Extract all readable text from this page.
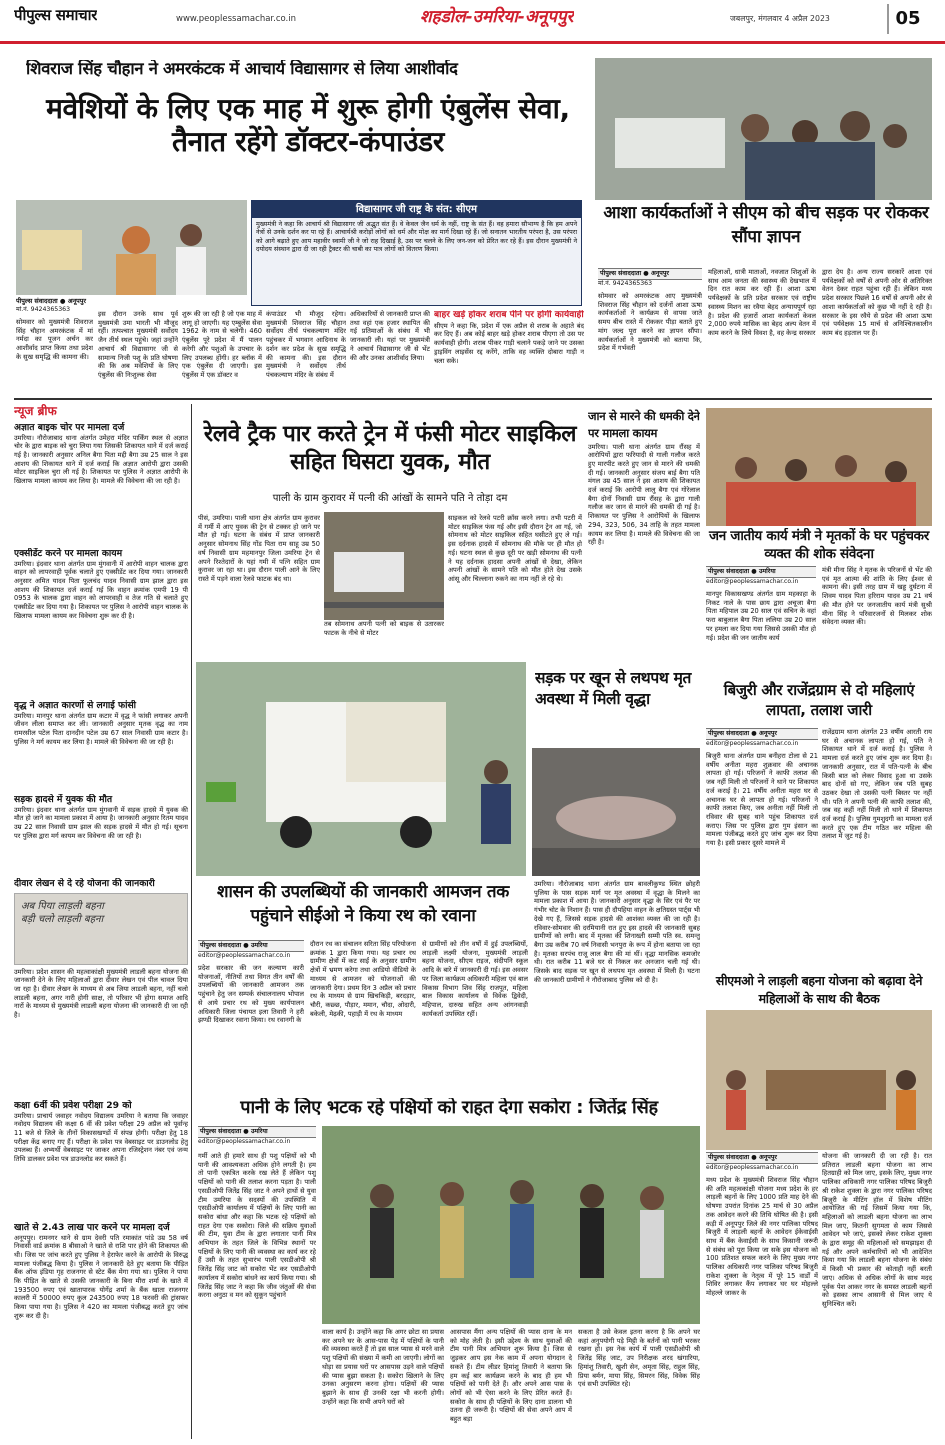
पीपुल्स समाचार	www.peoplessamachar.co.in	शहडोल-उमरिया-अनूपपुर	जबलपुर, मंगलवार 4 अप्रैल 2023	05
शिवराज सिंह चौहान ने अमरकंटक में आचार्य विद्यासागर से लिया आशीर्वाद
मवेशियों के लिए एक माह में शुरू होगी एंबुलेंस सेवा, तैनात रहेंगे डॉक्टर-कंपाउंडर
पीपुल्स संवाददाता ● अनूपपुर
मो.नं. 9424365363
विद्यासागर जी राष्ट्र के संत: सीएम
मुख्यमंत्री ने कहा कि आचार्य श्री विद्यासागर जी अद्भुत संत हैं। वे केवल जैन धर्म के नहीं, राष्ट्र के संत हैं। वह हमारा सौभाग्य है कि हम अपने नेत्रों से उनके दर्शन कर पा रहे हैं। आचार्यश्री करोड़ों लोगों को धर्म और मोक्ष का मार्ग दिखा रहे हैं। जो सनातन भारतीय परंपरा है, उस परंपरा को आगे बढ़ाते हुए आप महावीर स्वामी जी ने जो राह दिखाई है, उस पर चलने के लिए जन-जन को प्रेरित कर रहे हैं। इस दौरान मुख्यमंत्री ने दयोदय संस्थान द्वारा दी जा रही ट्रैक्टर की चाबी का पात्र लोगों को वितरण किया।
सोमवार को मुख्यमंत्री शिवराज सिंह चौहान अमरकंटक में मां नर्मदा का पूजन अर्चन कर आशीर्वाद प्राप्त किया तथा प्रदेश के सुख समृद्धि की कामना की।
इस दौरान उनके साथ पूर्व मुख्यमंत्री उमा भारती भी मौजूद रहीं। तत्पश्चात मुख्यमंत्री सर्वोदय जैन तीर्थ स्थल पहुंचे। जहां उन्होंने आचार्य श्री विद्यासागर जी से सामान्य निजी पशु के प्रति घोषणा की कि अब मवेशियों के लिए एंबुलेंस की निःशुल्क सेवा
शुरू की जा रही है जो एक माह में लागू हो जाएगी। यह एम्बुलेंस सेवा 1962 के नाम से चलेगी। 460 एंबुलेंस पूरे प्रदेश में मैं पालन करेगी और पशुओं के उपचार के लिए उपलब्ध होंगी। हर ब्लॉक में एक एंबुलेंस दी जाएगी। इस एंबुलेंस में एक डॉक्टर व
कंपाउंडर भी मौजूद रहेगा। मुख्यमंत्री शिवराज सिंह चौहान सर्वोदय तीर्थ पंचकल्याण मंदिर पहुंचकर में भगवान आदिनाथ के दर्शन कर प्रदेश के सुख समृद्धि की कामना की। इस दौरान मुख्यमंत्री ने सर्वोदय तीर्थ पंचकल्याण मंदिर के संबंध में
अधिकारियों से जानकारी प्राप्त की तथा वहां एक हजार स्थापित की गई प्रतिमाओं के संबंध में भी जानकारी ली। यहां पर मुख्यमंत्री ने आचार्य विद्यासागर जी से भेंट की और उनका आशीर्वाद लिया।
बाहर खड़े होकर शराब पीने पर होगी कार्यवाही
सीएम ने कहा कि, प्रदेश में एक अप्रैल से शराब के अहाते बंद कर दिए हैं। अब कोई बाहर खड़े होकर शराब पीएगा तो उस पर कार्यवाही होगी। शराब पीकर गाड़ी चलाने पकड़े जाने पर उसका ड्राइविंग लाइसेंस रद्द करेंगे, ताकि वह व्यक्ति दोबारा गाड़ी न चला सके।
आशा कार्यकर्ताओं ने सीएम को बीच सड़क पर रोककर सौंपा ज्ञापन
पीपुल्स संवाददाता ● अनूपपुर
मो.नं. 9424365363
सोमवार को अमरकंटक आए मुख्यमंत्री शिवराज सिंह चौहान को दर्जनों आशा ऊषा कार्यकर्ताओं ने कार्यक्रम से वापस जाते समय बीच रास्ते में रोककर पीड़ा बताते हुए मांग जल्द पूरा करने का ज्ञापन सौंपा। कार्यकर्ताओं ने मुख्यमंत्री को बताया कि, प्रदेश में गर्भवती
महिलाओं, धात्री माताओं, नवजात शिशुओं के साथ आम जनता की स्वास्थ्य की देखभाल में दिन रात काम कर रही हैं। आशा ऊषा पर्यवेक्षकों के प्रति प्रदेश सरकार एवं राष्ट्रीय स्वास्थ्य मिशन का रवैया बेहद अन्यायपूर्ण रहा है। प्रदेश की हजारों आशा कार्यकर्ता केवल 2,000 रुपये मासिक का बेहद अल्प वेतन में काम करने के लिये विवश है, वह केन्द्र सरकार
द्वारा देय है। अन्य राज्य सरकारें आशा एवं पर्यवेक्षकों को वर्षों से अपनी ओर से अतिरिक्त वेतन देकर राहत पहुंचा रही हैं। लेकिन मध्य प्रदेश सरकार पिछले 16 वर्षों से अपनी ओर से आशा कार्यकर्ताओं को कुछ भी नहीं दे रही है। सरकार के इस रवैये से प्रदेश की आशा ऊषा एवं पर्यवेक्षक 15 मार्च से अनिश्चितकालीन काम बंद हड़ताल पर हैं।
न्यूज ब्रीफ
अज्ञात बाइक चोर पर मामला दर्ज
उमरिया। नौरोजाबाद थाना अंतर्गत उमेहरा मंदिर पार्किंग स्थल से अज्ञात चोर के द्वारा बाइक को चुरा लिया गया जिसकी शिकायत थाने में दर्ज कराई गई है। जानकारी अनुसार अनिल बैगा पिता मद्दी बैगा उम्र 25 साल ने इस आशय की शिकायत थाने में दर्ज कराई कि अज्ञात आरोपी द्वारा उसकी मोटर साइकिल चुरा ली गई है। शिकायत पर पुलिस ने अज्ञात आरोपी के खिलाफ मामला कायम कर लिया है। मामले की विवेचना की जा रही है।
एक्सीडेंट करने पर मामला कायम
उमरिया। इंदवार थाना अंतर्गत ग्राम मुंगवानी में आरोपी वाहन चालक द्वारा वाहन को लापरवाही पूर्वक चलाते हुए एक्सीडेंट कर दिया गया। जानकारी अनुसार अमित यादव पिता फूलचंद यादव निवासी ग्राम झाल द्वारा इस आशय की शिकायत दर्ज कराई गई कि वाहन क्रमांक एमपी 19 पी 0953 के चालक द्वारा वाहन को लापरवाही व तेज गति से चलाते हुए एक्सीडेंट कर दिया गया है। शिकायत पर पुलिस ने आरोपी वाहन चालक के खिलाफ मामला कायम कर विवेचना शुरू कर दी है।
वृद्ध ने अज्ञात कारणों से लगाई फांसी
उमरिया। मानपुर थाना अंतर्गत ग्राम कटार में वृद्ध ने फांसी लगाकर अपनी जीवन लीला समाप्त कर ली। जानकारी अनुसार मृतक वृद्ध का नाम रामरसील पटेल पिता दानदीन पटेल उम्र 67 साल निवासी ग्राम कटार है। पुलिस ने मर्ग कायम कर लिया है। मामले की विवेचना की जा रही है।
सड़क हादसे में युवक की मौत
उमरिया। इंदवार थाना अंतर्गत ग्राम मुंगवानी में सड़क हादसे में युवक की मौत हो जाने का मामला प्रकाश में आया है। जानकारी अनुसार रितम यादव उम्र 22 साल निवासी ग्राम झाल की सड़क हादसे में मौत हो गई। सूचना पर पुलिस द्वारा मर्ग कायम कर विवेचना की जा रही है।
दीवार लेखन से दे रहे योजना की जानकारी
अब पिया लाड़ली बहना
बड़ी चलो लाड़ली बहना
उमरिया। प्रदेश शासन की महत्वाकांक्षी मुख्यमंत्री लाडली बहना योजना की जानकारी देने के लिए महिलाओं द्वारा दीवार लेखन एवं पील चावल दिया जा रहा है। दीवार लेखन के माध्यम से अब जिया लाडली बहना, नहीं चलो लाडली बहना, अगर नारी होगी साक्ष, तो परिवार भी होगा समाज आदि नारों के माध्यम से मुख्यमंत्री लाडली बहना योजना की जानकारी दी जा रही है।
कक्षा 6वीं की प्रवेश परीक्षा 29 को
उमरिया। प्राचार्य जवाहर नवोदय विद्यालय उमरिया ने बताया कि जवाहर नवोदय विद्यालय की कक्षा 6 वीं की प्रवेश परीक्षा 29 अप्रैल को पूर्वान्ह 11 बजे से जिले के तीनों विकासखण्डों में संपन्न होगी। परीक्षा हेतु 18 परीक्षा केंद्र बनाए गए हैं। परीक्षा के प्रवेश पत्र वेबसाइट पर डाउनलोड हेतु उपलब्ध हैं। अभ्यर्थी वेबसाइट पर जाकर अपना रजिस्ट्रेशन नंबर एवं जन्म तिथि डालकर प्रवेश पत्र डाउनलोड कर सकते हैं।
खाते से 2.43 लाख पार करने पर मामला दर्ज
अनूपपुर। रामनगर थाने से ग्राम देवरी पति रमाकांत पांडे उम्र 58 वर्ष निवासी वार्ड क्रमांक 8 बीसाओ ने खाते से राशि पार होने की शिकायत की थी। जिस पर जांच करते हुए पुलिस ने हेराफेर करने के आरोपी के विरुद्ध मामला पंजीबद्ध किया है। पुलिस ने जानकारी देते हुए बताया कि पीड़ित बैंक ऑफ इंडिया गृह राजनगर से स्टेट बैंक मेगा गया था। पुलिस ने पाया कि पीड़ित के खाते से उसकी जानकारी के बिना मीरा शर्मा के खाते में 193500 रुपए एवं खातापारक योगेंद्र शर्मा के बैंक खाता राजनगर कालरी में 50000 रुपए कुल 243500 रुपए 18 फरवरी की ट्रांसफर किया पाया गया है। पुलिस ने 420 का मामला पंजीबद्ध करते हुए जांच शुरू कर दी है।
रेलवे ट्रैक पार करते ट्रेन में फंसी मोटर साइकिल सहित घिसटा युवक, मौत
पाली के ग्राम कुरावर में पत्नी की आंखों के सामने पति ने तोड़ा दम
तब सोमनाथ अपनी पत्नी को बाइक से उतारकर फाटक के नीचे से मोटर
पीसं, उमरिया। पाली थाना क्षेत्र अंतर्गत ग्राम कुरावर में गर्मी में आए युवक की ट्रेन से टक्कर हो जाने पर मौत हो गई। घटना के संबंध में प्राप्त जानकारी अनुसार सोमनाथ सिंह गोंड पिता राम साहू उम्र 50 वर्ष निवासी ग्राम महमानपुर जिला उमरिया ट्रेन से अपने रिश्तेदारों के यहां गमी में पत्नि सहित ग्राम कुरावर जा रहा था। इस दौरान पाली आने के लिए रास्ते में पड़ने वाला रेलवे फाटक बंद था।
साइकल को रेलवे पटरी क्रॉस करने लगा। तभी पटरी में मोटर साइकिल फंस गई और इसी दौरान ट्रेन आ गई, जो सोमनाथ को मोटर साइकिल सहित घसीटते हुए ले गई। इस दर्दनाक हादसे में सोमनाथ की मौके पर ही मौत हो गई। घटना स्थल से कुछ दूरी पर खड़ी सोमनाथ की पत्नी ने यह दर्दनाक हादसा अपनी आंखों से देखा, लेकिन अपनी आंखों के सामने पति को मौत होते देख उसके आंसू और चिल्लाना रुकने का नाम नहीं ले रहे थे।
जान से मारने की धमकी देने पर मामला कायम
उमरिया। पाली थाना अंतर्गत ग्राम रौंसह में आरोपियों द्वारा फरियादी से गाली गलौज करते हुए मारपीट करते हुए जान से मारने की धमकी दी गई। जानकारी अनुसार संजय बाई बैगा पति मंगल उम्र 45 साल ने इस आशय की शिकायत दर्ज कराई कि आरोपी लालु बैगा एवं गोरेलाल बैगा दोनों निवासी ग्राम रौंसह के द्वारा गाली गलौज कर जान से मारने की धमकी दी गई है। शिकायत पर पुलिस ने आरोपियों के खिलाफ 294, 323, 506, 34 ताहि के तहत मामला कायम कर लिया है। मामले की विवेचना की जा रही है।	जन जातीय कार्य मंत्री ने मृतकों के घर पहुंचकर व्यक्त की शोक संवेदना
पीपुल्स संवाददाता ● उमरिया
editor@peoplessamachar.co.in
मानपुर विकासखण्ड अंतर्गत ग्राम महकाहा के निकट नाले के पास छाय द्वारा अचूजा बैगा पिता महिपाल उम्र 20 साल एवं सचिन के वहां फरा बाबुलाल बैगा पिता ललिया उम्र 20 साल पर हमला कर दिया गया जिससे उसकी मौत हो गई। प्रदेश की जन जातीय कार्य
मंत्री मीना सिंह ने मृतक के परिजनों से भेंट की एवं मृत आत्मा की शांति के लिए ईश्वर से कामना की। इसी तरह ग्राम में खड्ड दुर्घटना में शिवम यादव पिता हरिराम यादव उम्र 21 वर्ष की मौत होने पर जनजातीय कार्य मंत्री सुश्री मीना सिंह ने परिवारजनों से मिलकर शोक संवेदना व्यक्त की।
शासन की उपलब्धियों की जानकारी आमजन तक पहुंचाने सीईओ ने किया रथ को रवाना
पीपुल्स संवाददाता ● उमरिया
editor@peoplessamachar.co.in
प्रदेश सरकार की जन कल्याण कारी योजनाओं, नीतियों तथा विगत तीन वर्षों की उपलब्धियों की जानकारी आमजन तक पहुंचाने हेतु जन सम्पर्क संचालनालय भोपाल से आये प्रचार रथ को मुख्य कार्यपालन अधिकारी जिला पंचायत इला तिवारी ने हरी झण्डी दिखाकर रवाना किया। रथ रवानगी के
दौरान रथ का संचालन सरिता सिंह परियोजना क्रमांक 1 द्वारा किया गया। यह प्रचार रथ ग्रामीण क्षेत्रों में कट साईं के अनुसार ग्रामीण क्षेत्रों में भ्रमण करेगा तथा आडियो वीडियो के माध्यम से आमजन को योजनाओं की जानकारी देगा। प्रथम दिन 3 अप्रैल को प्रचार रथ के माध्यम से ग्राम खिचकिड़ी, बरदड़ार, चौरी, कछ्छ, पौड़ार, ममान, चौदा, ओदारी, बकेली, मेढ़की, पहाड़ी में रथ के माध्यम
से ग्रामीणों को तीन वर्षों में हुई उपलब्धियों, लाड़ली लक्ष्मी योजना, मुख्यमंत्री लाड़ली बहना योजना, सीएम राइज, संदीपनि स्कूल आदि के बारे में जानकारी दी गई। इस अवसर पर जिला कार्यक्रम अधिकारी महिला एवं बाल विकास विभाग शिव सिंह राजपूत, महिला बाल विकास कार्यालय से विवेक द्विवेदी, महिपाल, दारुख सहित अन्य आंगनवाड़ी कार्यकर्ता उपस्थित रहीं।
सड़क पर खून से लथपथ मृत अवस्था में मिली वृद्धा
उमरिया। नौरोजाबाद थाना अंतर्गत ग्राम बावलीकुण्ड स्थित छोहरी पुलिया के पास सड़क मार्ग पर मृत अवस्था में वृद्धा के मिलने का मामला प्रकाश में आया है। जानकारी अनुसार वृद्धा के सिर एवं पैर पर गंभीर चोट के निशान हैं। पास ही दौपहिया वाहन के क्षतिग्रस्त पार्ट्स भी देखे गए हैं, जिससे सड़क हादसे की आशंका व्यक्त की जा रही है। रविवार-सोमवार की दरमियानी रात हुए इस हादसे की जानकारी सुबह ग्रामीणों को लगी। बाद में मृतका की शिनाख्ती सम्मी पति स्व. समन्तु बैगा उम्र करीब 70 वर्ष निवासी भनपुरा के रूप में होना बताया जा रहा है। मृतका सरपंच राजू लाल बैगा की मां थीं। वृद्धा मानसिक कमजोर थी। रात करीब 11 बजे घर से निकल कर अनजान चली गई थी। जिसके बाद सड़क पर खून से लथपथ मृत अवस्था में मिली है। घटना की जानकारी ग्रामीणों ने नौरोजाबाद पुलिस को दी है।
बिजुरी और राजेंद्रग्राम से दो महिलाएं लापता, तलाश जारी
पीपुल्स संवाददाता ● अनूपपुर
editor@peoplessamachar.co.in
बिजुरी थाना अंतर्गत ग्राम बनीहरा टोला से 21 वर्षीय अनीता महरा शुक्रवार की अचानक लापता हो गई। परिजनों ने काफी तलाश की जब नहीं मिली तो परिजनों ने थाने पर शिकायत दर्ज कराई है। 21 वर्षीय अनीता महरा घर से अचानक घर से लापता हो गई। परिजनों ने काफी तलाश किए, जब अनीता नहीं मिली तो रविवार की सुबह थाने पहुंच शिकायत दर्ज कराए। जिस पर पुलिस द्वारा गुम इंसान का मामला पंजीबद्ध करते हुए जांच शुरू कर दिया गया है। इसी प्रकार दूसरे मामले में
राजेंद्रग्राम थाना अंतर्गत 23 वर्षीय आरती राय घर से अचानक लापता हो गई, पति ने शिकायत थाने में दर्ज कराई है। पुलिस ने मामला दर्ज करते हुए जांच शुरू कर दिया है। जानकारी अनुसार, रात में पति-पत्नी के बीच किसी बात को लेकर विवाद हुआ था उसके बाद दोनों सो गए, लेकिन जब पति सुबह उठकर देखा तो उसकी पत्नी बिस्तर पर नहीं थी। पति ने अपनी पत्नी की काफी तलाश की, जब वह कहीं नहीं मिली तो थाने में शिकायत दर्ज कराई है। पुलिस गुमशुदगी का मामला दर्ज करते हुए एक टीम गठित कर महिला की तलाश में जुट गई है।
सीएमओ ने लाड़ली बहना योजना को बढ़ावा देने महिलाओं के साथ की बैठक
पीपुल्स संवाददाता ● अनूपपुर
editor@peoplessamachar.co.in
मध्य प्रदेश के मुख्यमंत्री शिवराज सिंह चौहान की अति महत्वकांक्षी योजना मध्य प्रदेश के हर लाड़ली बहनों के लिए 1000 प्रति माह देने की घोषणा उपरांत दिनांक 25 मार्च से 30 अप्रैल तक आवेदन करने की तिथि घोषित की है। इसी कड़ी में अनूपपुर जिले की नगर पालिका परिषद बिजुरी में लाड़ली बहनों के आवेदन ईकेवाईसी साथ में बैंक केवाईसी के साथ किसानी जरूरी से संबंध को पूरा किया जा सके इस योजना को 100 प्रतिशत सफल करने के लिए मुख्य नगर पालिका अधिकारी नगर पालिका परिषद बिजुरी राकेश शुक्ला के नेतृत्व में पूरे 15 वार्डों में शिविर लगाकर कैंप लगाकर घर घर मोहल्ले मोहल्ले जाकर के
योजना की जानकारी दी जा रही है। रात प्रतिरात लाडली बहना योजना का लाभ हितग्राही को मिल जाए, इसके लिए, मुख्य नगर पालिका अधिकारी नगर पालिका परिषद बिजुरी श्री राकेश शुक्ला के द्वारा नगर पालिका परिषद बिजुरी के मीटिंग हॉल में विशेष मीटिंग आयोजित की गई जिसमें किया गया कि, महिलाओं को लाडली बहना योजना का लाभ मिल जाए, कितनी सुगमता से काम जिससे आवेदन भरे जाएं, इसको लेकर राकेश शुक्ला के द्वारा समूह की महिलाओं को समझाइश दी गई और अपने कर्मचारियों को भी आदेशित किया गया कि लाडली बहना योजना के संबंध में किसी भी प्रकार की कोताही नहीं बरती जाए। अधिक से अधिक लोगों के साथ मदद पूर्वक पेश आकर नगर के समस्त लाडली बहनों को इसका लाभ आसानी से मिल जाए ये सुनिश्चित करें।
पानी के लिए भटक रहे पक्षियों को राहत देगा सकोरा : जितेंद्र सिंह
पीपुल्स संवाददाता ● उमरिया
editor@peoplessamachar.co.in
गर्मी आते ही हमारे साथ ही पशु पक्षियों को भी पानी की आवश्यकता अधिक होने लगती है। हम तो पानी एकत्रित करके रख लेते हैं लेकिन पशु पक्षियों को पानी की तलाश करना पड़ता है। पाली एसडीओपी जितेंद्र सिंह जाट ने अपने हाथों से युवा टीम उमरिया के सदस्यों की उपस्थिति में एसडीओपी कार्यालय में पक्षियों के लिए पानी का सकोरा बांधा और कहा कि भटक रहे पक्षियों को राहत देगा एक सकोरा। जिले की सक्रिय युवाओं की टीम, युवा टीम के द्वारा लगातार पानी मित्र अभियान के तहत जिले के विभिन्न स्थानों पर पक्षियों के लिए पानी की व्यवस्था का कार्य कर रहे हैं उसी के तहत सुभारंभ पाली एसडीओपी श्री जितेंद्र सिंह जाट को सकोरा भेंट कर एसडीओपी कार्यालय में सकोरा बांधने का कार्य किया गया। श्री जितेंद्र सिंह जाट ने कहा कि जीव जंतुओं की सेवा करना अनुठा व मन को सुकून पहुंचाने
वाला कार्य है। उन्होंने कहा कि अगर छोटा सा प्रयास कर अपने घर के आस-पास पेड़ में पक्षियों के पानी की व्यवस्था करते हैं तो इस साल प्यास से मरने वाले पशु पक्षियों की संख्या में कमी आ जाएगी। लोगों का थोड़ा सा प्रयास घरों पर आसपास उड़ने वाले पक्षियों की प्यास बुझा सकता है। सकोरा खिलाने के लिए उनका अनुसरण करना होगा। पक्षियों की प्यास बुझाने के साथ ही उनकी रक्षा भी करनी होगी। उन्होंने कहा कि सभी अपने घरों को
आसपास मैंगा अन्य पक्षियों की प्यास दाना के मन को मोह लेती है। इसी उद्देश्य के साथ युवाओं की टीम पानी मित्र अभियान शुरू किया है। जिस से जुड़कर आप इस नेक काम में अपना योगदान दे सकते हैं। टीम लीडर हिमांशु तिवारी ने बताया कि हम कई बार कार्यक्रम करने के बाद ही हम भी पक्षियों को पानी देते हैं। और अपने आस पास के लोगों को भी ऐसा करने के लिए प्रेरित करते हैं। सकोरा के साथ ही पक्षियों के लिए दाना डालना भी उतना ही जरूरी है। पक्षियों की सेवा अपने आप में बहुत बड़ा
सकता है उसे केवल इतना करना है कि अपने घर कहां अनुपयोगी पड़े मिट्टी के बर्तनों को पानी भरकर रखना हो। इस नेक कार्य में पाली एसडीओपी श्री जितेंद्र सिंह जाट, उप निरीक्षक शरद खंगारिया, हिमांशु तिवारी, खुशी सेन, अमृता सिंह, राहुल सिंह, प्रिया बर्मन, माया सिंह, सिमरन सिंह, विवेक सिंह एवं सभी उपस्थित रहे।
